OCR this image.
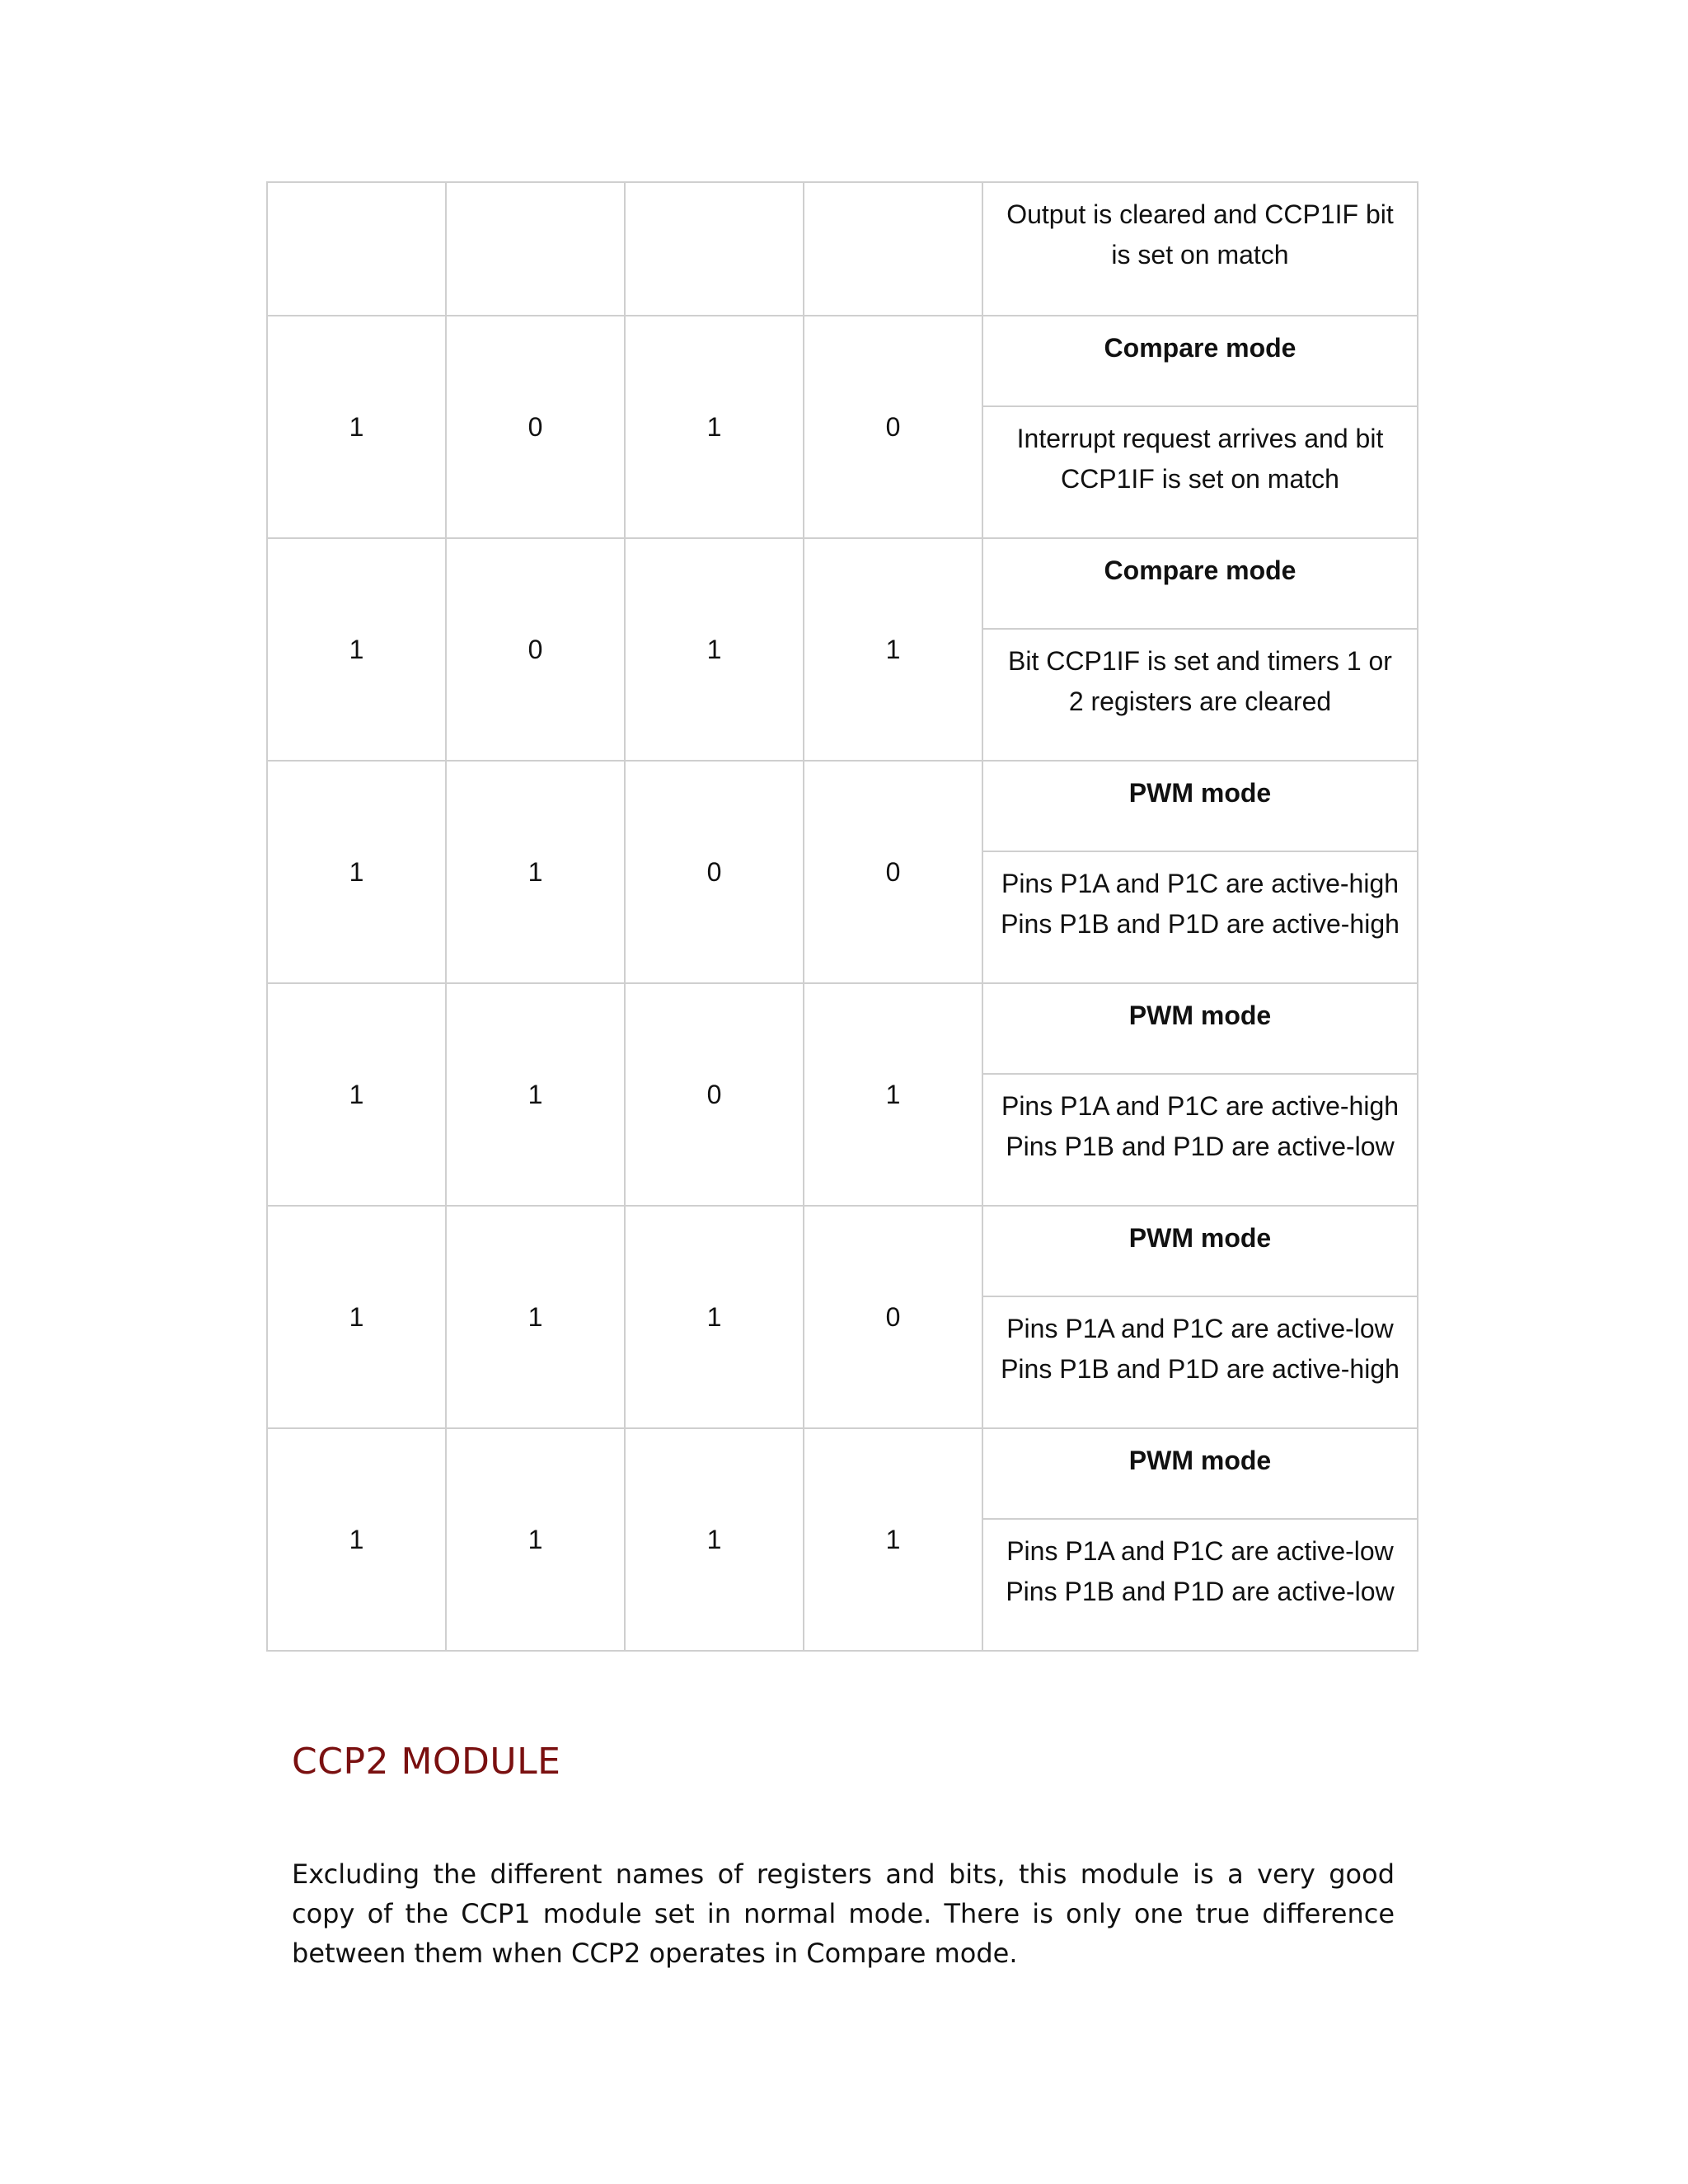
				Output is cleared and CCP1IF bit
is set on match

1	0	1	0	Compare mode

				Interrupt request arrives and bit
CCP1IF is set on match

1	0	1	1	Compare mode

				Bit CCP1IF is set and timers 1 or
2 registers are cleared

1	1	0	0	PWM mode

				Pins P1A and P1C are active-high
Pins P1B and P1D are active-high

1	1	0	1	PWM mode

				Pins P1A and P1C are active-high
Pins P1B and P1D are active-low

1	1	1	0	PWM mode

				Pins P1A and P1C are active-low
Pins P1B and P1D are active-high

1	1	1	1	PWM mode

				Pins P1A and P1C are active-low
Pins P1B and P1D are active-low
CCP2 MODULE

Excluding the different names of registers and bits, this module is a very good copy of the CCP1 module set in normal mode. There is only one true difference between them when CCP2 operates in Compare mode.
